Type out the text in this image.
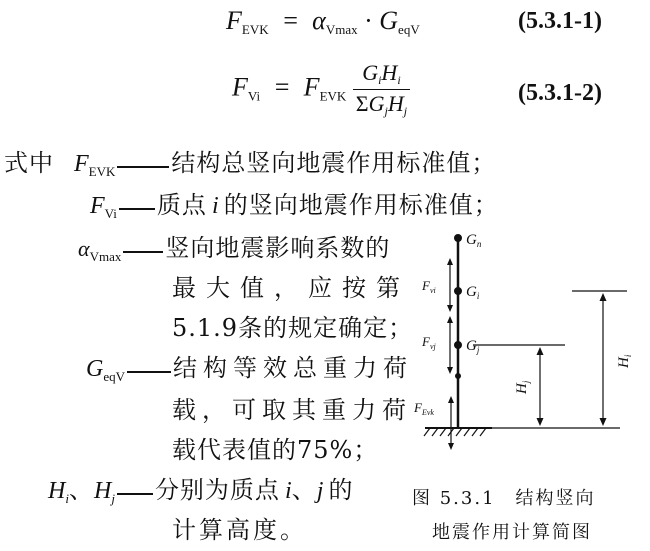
$F_{EVK} = \alpha_{Vmax} \cdot G_{eqV}$	(5.3.1-1)
$F_{Vi} = F_{EVK} \frac{\text{GiHi}}{\text{ΣGjHj}}$	(5.3.1-2)
式中 $F_{EVK}$ 结构总竖向地震作用标准值；
$F_{Vi}$ 质点 i 的竖向地震作用标准值；
$\alpha_{Vmax}$ 竖向地震影响系数的
最大值，应按第
5.1.9条的规定确定；
$G_{eqV}$ 结构等效总重力荷
载，可取其重力荷
载代表值的75%；
$H_i$、$H_j$ 分别为质点 i、j 的
计算高度。
$G_n$
$G_i$
$G_j$
$F_{vi}$
$F_{vj}$
$F_{Evk}$
$H_j$
$H_i$
图 5.3.1　结构竖向
地震作用计算简图
